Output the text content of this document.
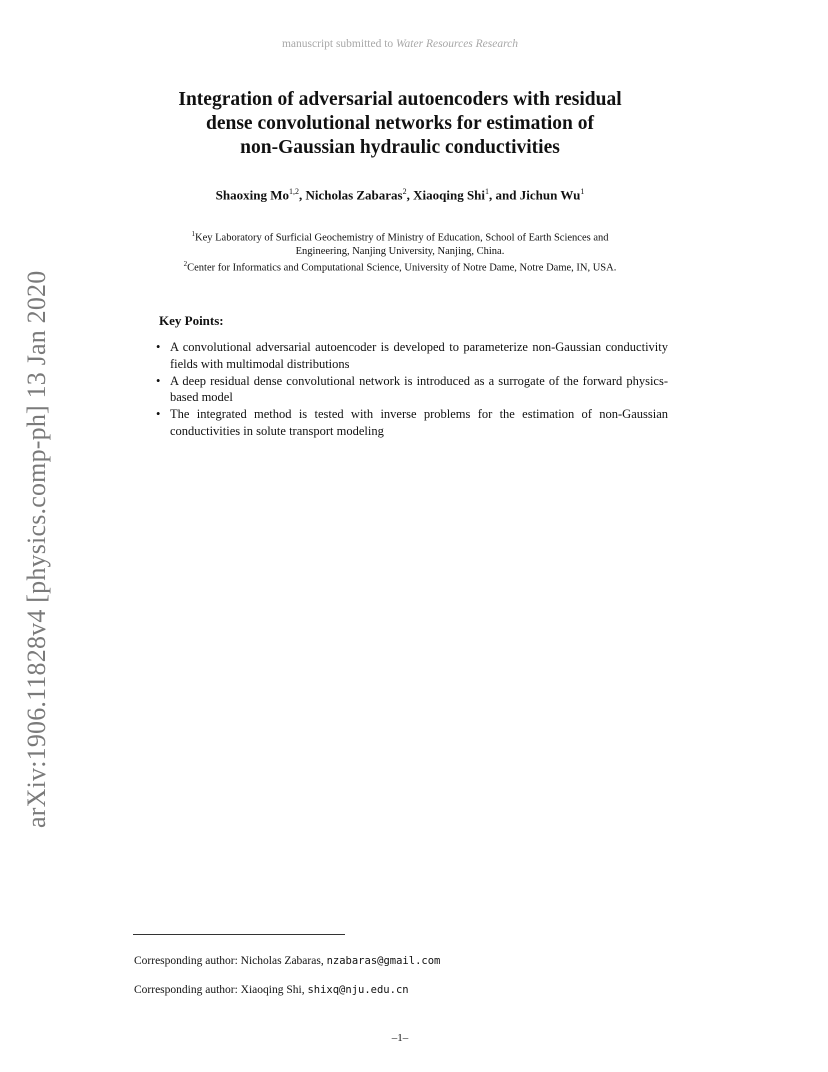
manuscript submitted to Water Resources Research
arXiv:1906.11828v4 [physics.comp-ph] 13 Jan 2020
Integration of adversarial autoencoders with residual
dense convolutional networks for estimation of
non-Gaussian hydraulic conductivities
Shaoxing Mo$^{1,2}$, Nicholas Zabaras$^2$, Xiaoqing Shi$^1$, and Jichun Wu$^1$
$^1$Key Laboratory of Surficial Geochemistry of Ministry of Education, School of Earth Sciences and
Engineering, Nanjing University, Nanjing, China.
$^2$Center for Informatics and Computational Science, University of Notre Dame, Notre Dame, IN, USA.
Key Points:
• A convolutional adversarial autoencoder is developed to parameterize non-Gaussian conductivity fields with multimodal distributions
• A deep residual dense convolutional network is introduced as a surrogate of the forward physics-based model
• The integrated method is tested with inverse problems for the estimation of non-Gaussian conductivities in solute transport modeling
Corresponding author: Nicholas Zabaras, nzabaras@gmail.com
Corresponding author: Xiaoqing Shi, shixq@nju.edu.cn
–1–
